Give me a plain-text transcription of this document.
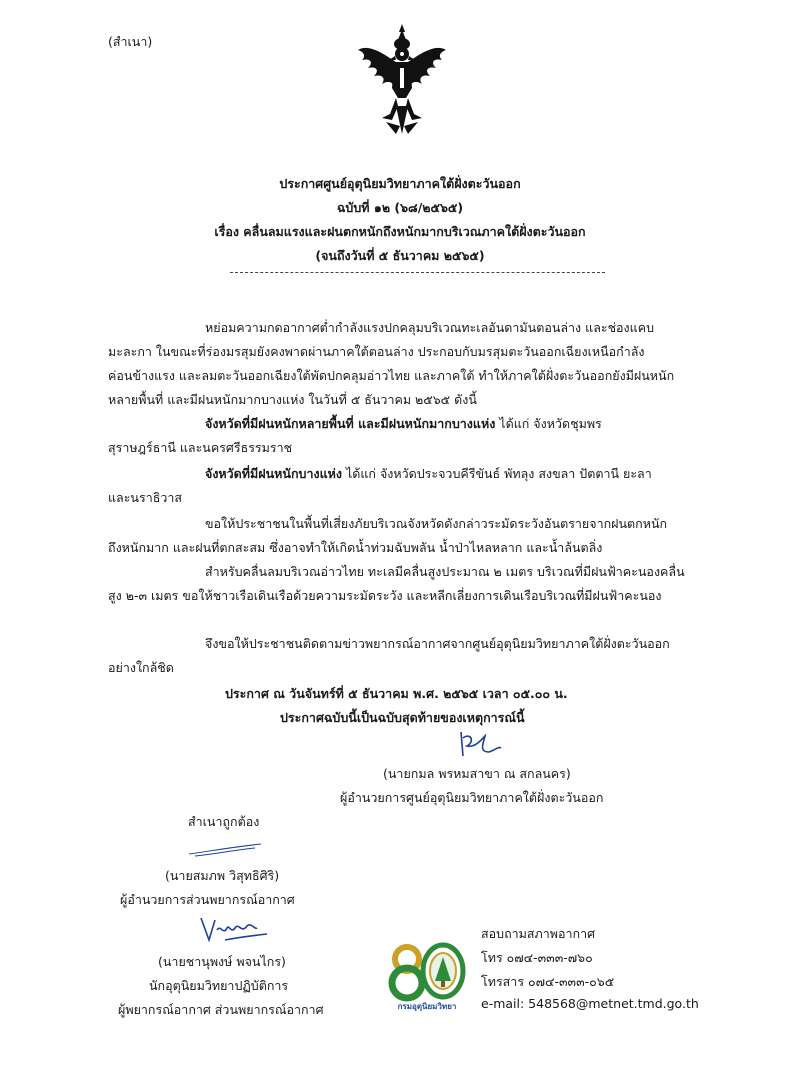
(สำเนา)
ประกาศศูนย์อุตุนิยมวิทยาภาคใต้ฝั่งตะวันออก
ฉบับที่ ๑๒ (๖๘/๒๕๖๕)
เรื่อง คลื่นลมแรงและฝนตกหนักถึงหนักมากบริเวณภาคใต้ฝั่งตะวันออก
(จนถึงวันที่ ๕ ธันวาคม ๒๕๖๕)
หย่อมความกดอากาศต่ำกำลังแรงปกคลุมบริเวณทะเลอันดามันตอนล่าง และช่องแคบ
มะละกา ในขณะที่ร่องมรสุมยังคงพาดผ่านภาคใต้ตอนล่าง ประกอบกับมรสุมตะวันออกเฉียงเหนือกำลัง
ค่อนข้างแรง และลมตะวันออกเฉียงใต้พัดปกคลุมอ่าวไทย และภาคใต้ ทำให้ภาคใต้ฝั่งตะวันออกยังมีฝนหนัก
หลายพื้นที่ และมีฝนหนักมากบางแห่ง ในวันที่ ๕ ธันวาคม ๒๕๖๕ ดังนี้
จังหวัดที่มีฝนหนักหลายพื้นที่ และมีฝนหนักมากบางแห่ง ได้แก่ จังหวัดชุมพร
สุราษฎร์ธานี และนครศรีธรรมราช
จังหวัดที่มีฝนหนักบางแห่ง ได้แก่ จังหวัดประจวบคีรีขันธ์ พัทลุง สงขลา ปัตตานี ยะลา
และนราธิวาส
ขอให้ประชาชนในพื้นที่เสี่ยงภัยบริเวณจังหวัดดังกล่าวระมัดระวังอันตรายจากฝนตกหนัก
ถึงหนักมาก และฝนที่ตกสะสม ซึ่งอาจทำให้เกิดน้ำท่วมฉับพลัน น้ำป่าไหลหลาก และน้ำล้นตลิ่ง
สำหรับคลื่นลมบริเวณอ่าวไทย ทะเลมีคลื่นสูงประมาณ ๒ เมตร บริเวณที่มีฝนฟ้าคะนองคลื่น
สูง ๒-๓ เมตร ขอให้ชาวเรือเดินเรือด้วยความระมัดระวัง และหลีกเลี่ยงการเดินเรือบริเวณที่มีฝนฟ้าคะนอง
จึงขอให้ประชาชนติดตามข่าวพยากรณ์อากาศจากศูนย์อุตุนิยมวิทยาภาคใต้ฝั่งตะวันออก
อย่างใกล้ชิด
ประกาศ ณ วันจันทร์ที่ ๕ ธันวาคม พ.ศ. ๒๕๖๕ เวลา ๐๕.๐๐ น.
ประกาศฉบับนี้เป็นฉบับสุดท้ายของเหตุการณ์นี้
(นายกมล พรหมสาขา ณ สกลนคร)
ผู้อำนวยการศูนย์อุตุนิยมวิทยาภาคใต้ฝั่งตะวันออก
สำเนาถูกต้อง
(นายสมภพ วิสุทธิศิริ)
ผู้อำนวยการส่วนพยากรณ์อากาศ
(นายชานุพงษ์ พจนไกร)
นักอุตุนิยมวิทยาปฏิบัติการ
ผู้พยากรณ์อากาศ ส่วนพยากรณ์อากาศ	กรมอุตุนิยมวิทยา
สอบถามสภาพอากาศ
โทร ๐๗๔-๓๓๓-๗๖๐
โทรสาร ๐๗๔-๓๓๓-๐๖๕
e-mail: 548568@metnet.tmd.go.th
